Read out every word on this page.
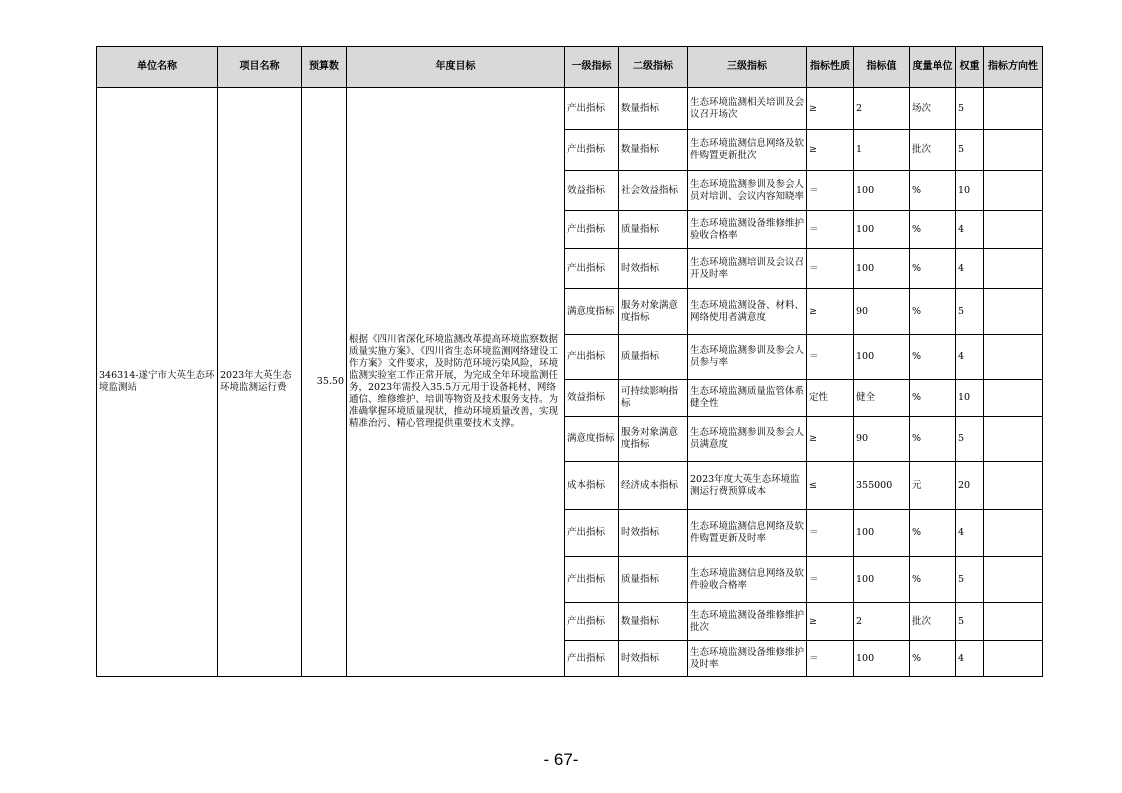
单位名称	项目名称	预算数	年度目标	一级指标	二级指标	三级指标	指标性质	指标值	度量单位	权重	指标方向性
346314-遂宁市大英生态环境监测站	2023年大英生态环境监测运行费	35.50	根据《四川省深化环境监测改革提高环境监察数据质量实施方案》、《四川省生态环境监测网络建设工作方案》文件要求，及时防范环境污染风险，环境监测实验室工作正常开展，为完成全年环境监测任务，2023年需投入35.5万元用于设备耗材、网络通信、维修维护、培训等物资及技术服务支持。为准确掌握环境质量现状，推动环境质量改善，实现精准治污、精心管理提供重要技术支撑。	产出指标	数量指标	生态环境监测相关培训及会议召开场次	≥	2	场次	5	
				产出指标	数量指标	生态环境监测信息网络及软件购置更新批次	≥	1	批次	5	
				效益指标	社会效益指标	生态环境监测参训及参会人员对培训、会议内容知晓率	＝	100	%	10	
				产出指标	质量指标	生态环境监测设备维修维护验收合格率	＝	100	%	4	
				产出指标	时效指标	生态环境监测培训及会议召开及时率	＝	100	%	4	
				满意度指标	服务对象满意度指标	生态环境监测设备、材料、网络使用者满意度	≥	90	%	5	
				产出指标	质量指标	生态环境监测参训及参会人员参与率	＝	100	%	4	
				效益指标	可持续影响指标	生态环境监测质量监管体系健全性	定性	健全	%	10	
				满意度指标	服务对象满意度指标	生态环境监测参训及参会人员满意度	≥	90	%	5	
				成本指标	经济成本指标	2023年度大英生态环境监测运行费预算成本	≤	355000	元	20	
				产出指标	时效指标	生态环境监测信息网络及软件购置更新及时率	＝	100	%	4	
				产出指标	质量指标	生态环境监测信息网络及软件验收合格率	＝	100	%	5	
				产出指标	数量指标	生态环境监测设备维修维护批次	≥	2	批次	5	
				产出指标	时效指标	生态环境监测设备维修维护及时率	＝	100	%	4	
- 67-
